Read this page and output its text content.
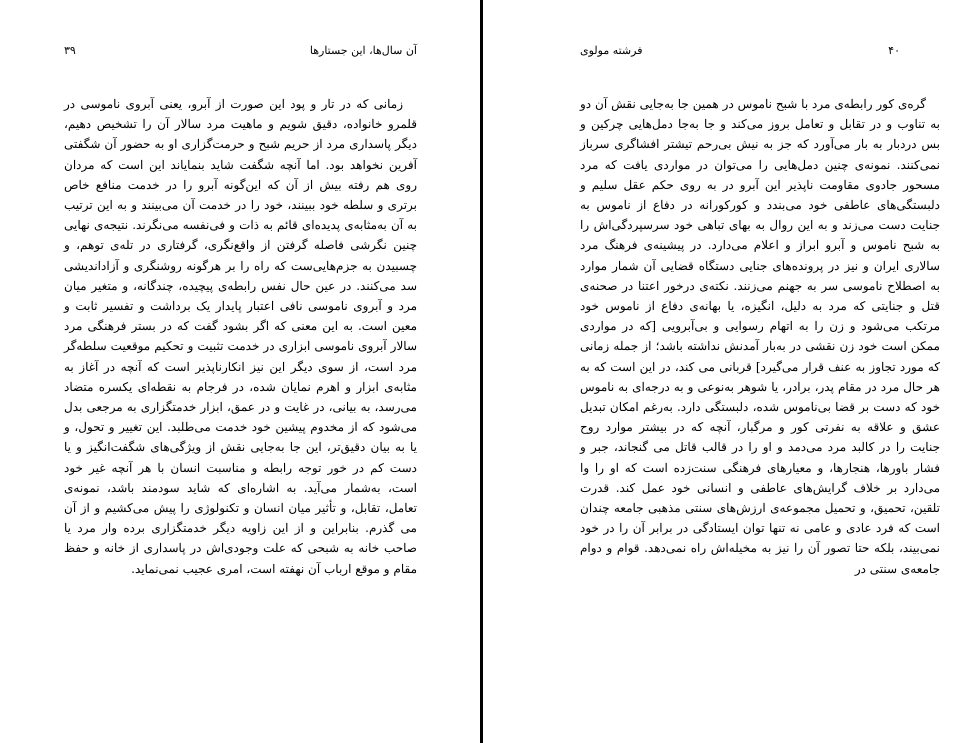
۳۹	آن سال‌ها، این جستارها

زمانی که در تار و پود این صورت از آبرو، یعنی آبروی ناموسی در قلمرو خانواده، دقیق شویم و ماهیت مرد سالار آن را تشخیص دهیم، دیگر پاسداری مرد از حریم شبح و حرمت‌گزاری او به حضور آن شگفتی آفرین نخواهد بود. اما آنچه شگفت شاید بنمایاند این است که مردان روی هم رفته بیش از آن که این‌گونه آبرو را در خدمت منافع خاص برتری و سلطه خود ببینند، خود را در خدمت آن می‌بینند و به این ترتیب به آن به‌مثابه‌ی پدیده‌ای قائم به ذات و فی‌نفسه می‌نگرند. نتیجه‌ی نهایی چنین نگرشی فاصله گرفتن از واقع‌نگری، گرفتاری در تله‌ی توهم، و چسبیدن به جزم‌هایی‌ست که راه را بر هرگونه روشنگری و آزاداندیشی سد می‌کنند. در عین حال نفس رابطه‌ی پیچیده، چندگانه، و متغیر میان مرد و آبروی ناموسی نافی اعتبار پایدار یک برداشت و تفسیر ثابت و معین است. به این معنی که اگر بشود گفت که در بستر فرهنگی مرد سالار آبروی ناموسی ابزاری در خدمت تثبیت و تحکیم موقعیت سلطه‌گر مرد است، از سوی دیگر این نیز انکارناپذیر است که آنچه در آغاز به مثابه‌ی ابزار و اهرم نمایان شده، در فرجام به نقطه‌ای یکسره متضاد می‌رسد، به بیانی، در غایت و در عمق، ابزار خدمتگزاری به مرجعی بدل می‌شود که از مخدوم پیشین خود خدمت می‌طلبد. این تغییر و تحول، و یا به بیان دقیق‌تر، این جا به‌جایی نقش از ویژگی‌های شگفت‌انگیز و یا دست کم در خور توجه رابطه و مناسبت انسان با هر آنچه غیر خود است، به‌شمار می‌آید. به اشاره‌ای که شاید سودمند باشد، نمونه‌ی تعامل، تقابل، و تأثیر میان انسان و تکنولوژی را پیش می‌کشیم و از آن می گذرم. بنابراین و از این زاویه دیگر خدمتگزاری برده وار مرد یا صاحب خانه به شبحی که علت وجودی‌اش در پاسداری از خانه و حفظ مقام و موقع ارباب آن نهفته است، امری عجیب نمی‌نماید.

فرشته مولوی	۴۰

گره‌ی کور رابطه‌ی مرد با شبح ناموس در همین جا به‌جایی نقش آن دو به تناوب و در تقابل و تعامل بروز می‌کند و جا به‌جا دمل‌هایی چرکین و بس دردبار به بار می‌آورد که جز به نیش بی‌رحم تیشتر افشاگری سرباز نمی‌کنند. نمونه‌ی چنین دمل‌هایی را می‌توان در مواردی یافت که مرد مسحور جادوی مقاومت ناپذیر این آبرو در به روی حکم عقل سلیم و دلبستگی‌های عاطفی خود می‌بندد و کورکورانه در دفاع از ناموس به جنایت دست می‌زند و به این روال به بهای تباهی خود سرسپردگی‌اش را به شبح ناموس و آبرو ابراز و اعلام می‌دارد. در پیشینه‌ی فرهنگ مرد سالاری ایران و نیز در پرونده‌های جنایی دستگاه قضایی آن شمار موارد به اصطلاح ناموسی سر به جهنم می‌زنند. نکته‌ی درخور اعتنا در صحنه‌ی قتل و جنایتی که مرد به دلیل، انگیزه، یا بهانه‌ی دفاع از ناموس خود مرتکب می‌شود و زن را به اتهام رسوایی و بی‌آبرویی [که در مواردی ممکن است خود زن نقشی در به‌بار آمدنش نداشته باشد؛ از جمله زمانی که مورد تجاوز به عنف قرار می‌گیرد] قربانی می کند، در این است که به هر حال مرد در مقام پدر، برادر، یا شوهر به‌نوعی و به درجه‌ای به ناموس خود که دست بر قضا بی‌ناموس شده، دلبستگی دارد. به‌رغم امکان تبدیل عشق و علاقه به نفرتی کور و مرگبار، آنچه که در بیشتر موارد روح جنایت را در کالبد مرد می‌دمد و او را در قالب قاتل می گنجاند، جبر و فشار باورها، هنجارها، و معیارهای فرهنگی سنت‌زده است که او را وا می‌دارد بر خلاف گرایش‌های عاطفی و انسانی خود عمل کند. قدرت تلقین، تحمیق، و تحمیل مجموعه‌ی ارزش‌های سنتی مذهبی جامعه چندان است که فرد عادی و عامی نه تنها توان ایستادگی در برابر آن را در خود نمی‌بیند، بلکه حتا تصور آن را نیز به مخیله‌اش راه نمی‌دهد. قوام و دوام جامعه‌ی سنتی در
